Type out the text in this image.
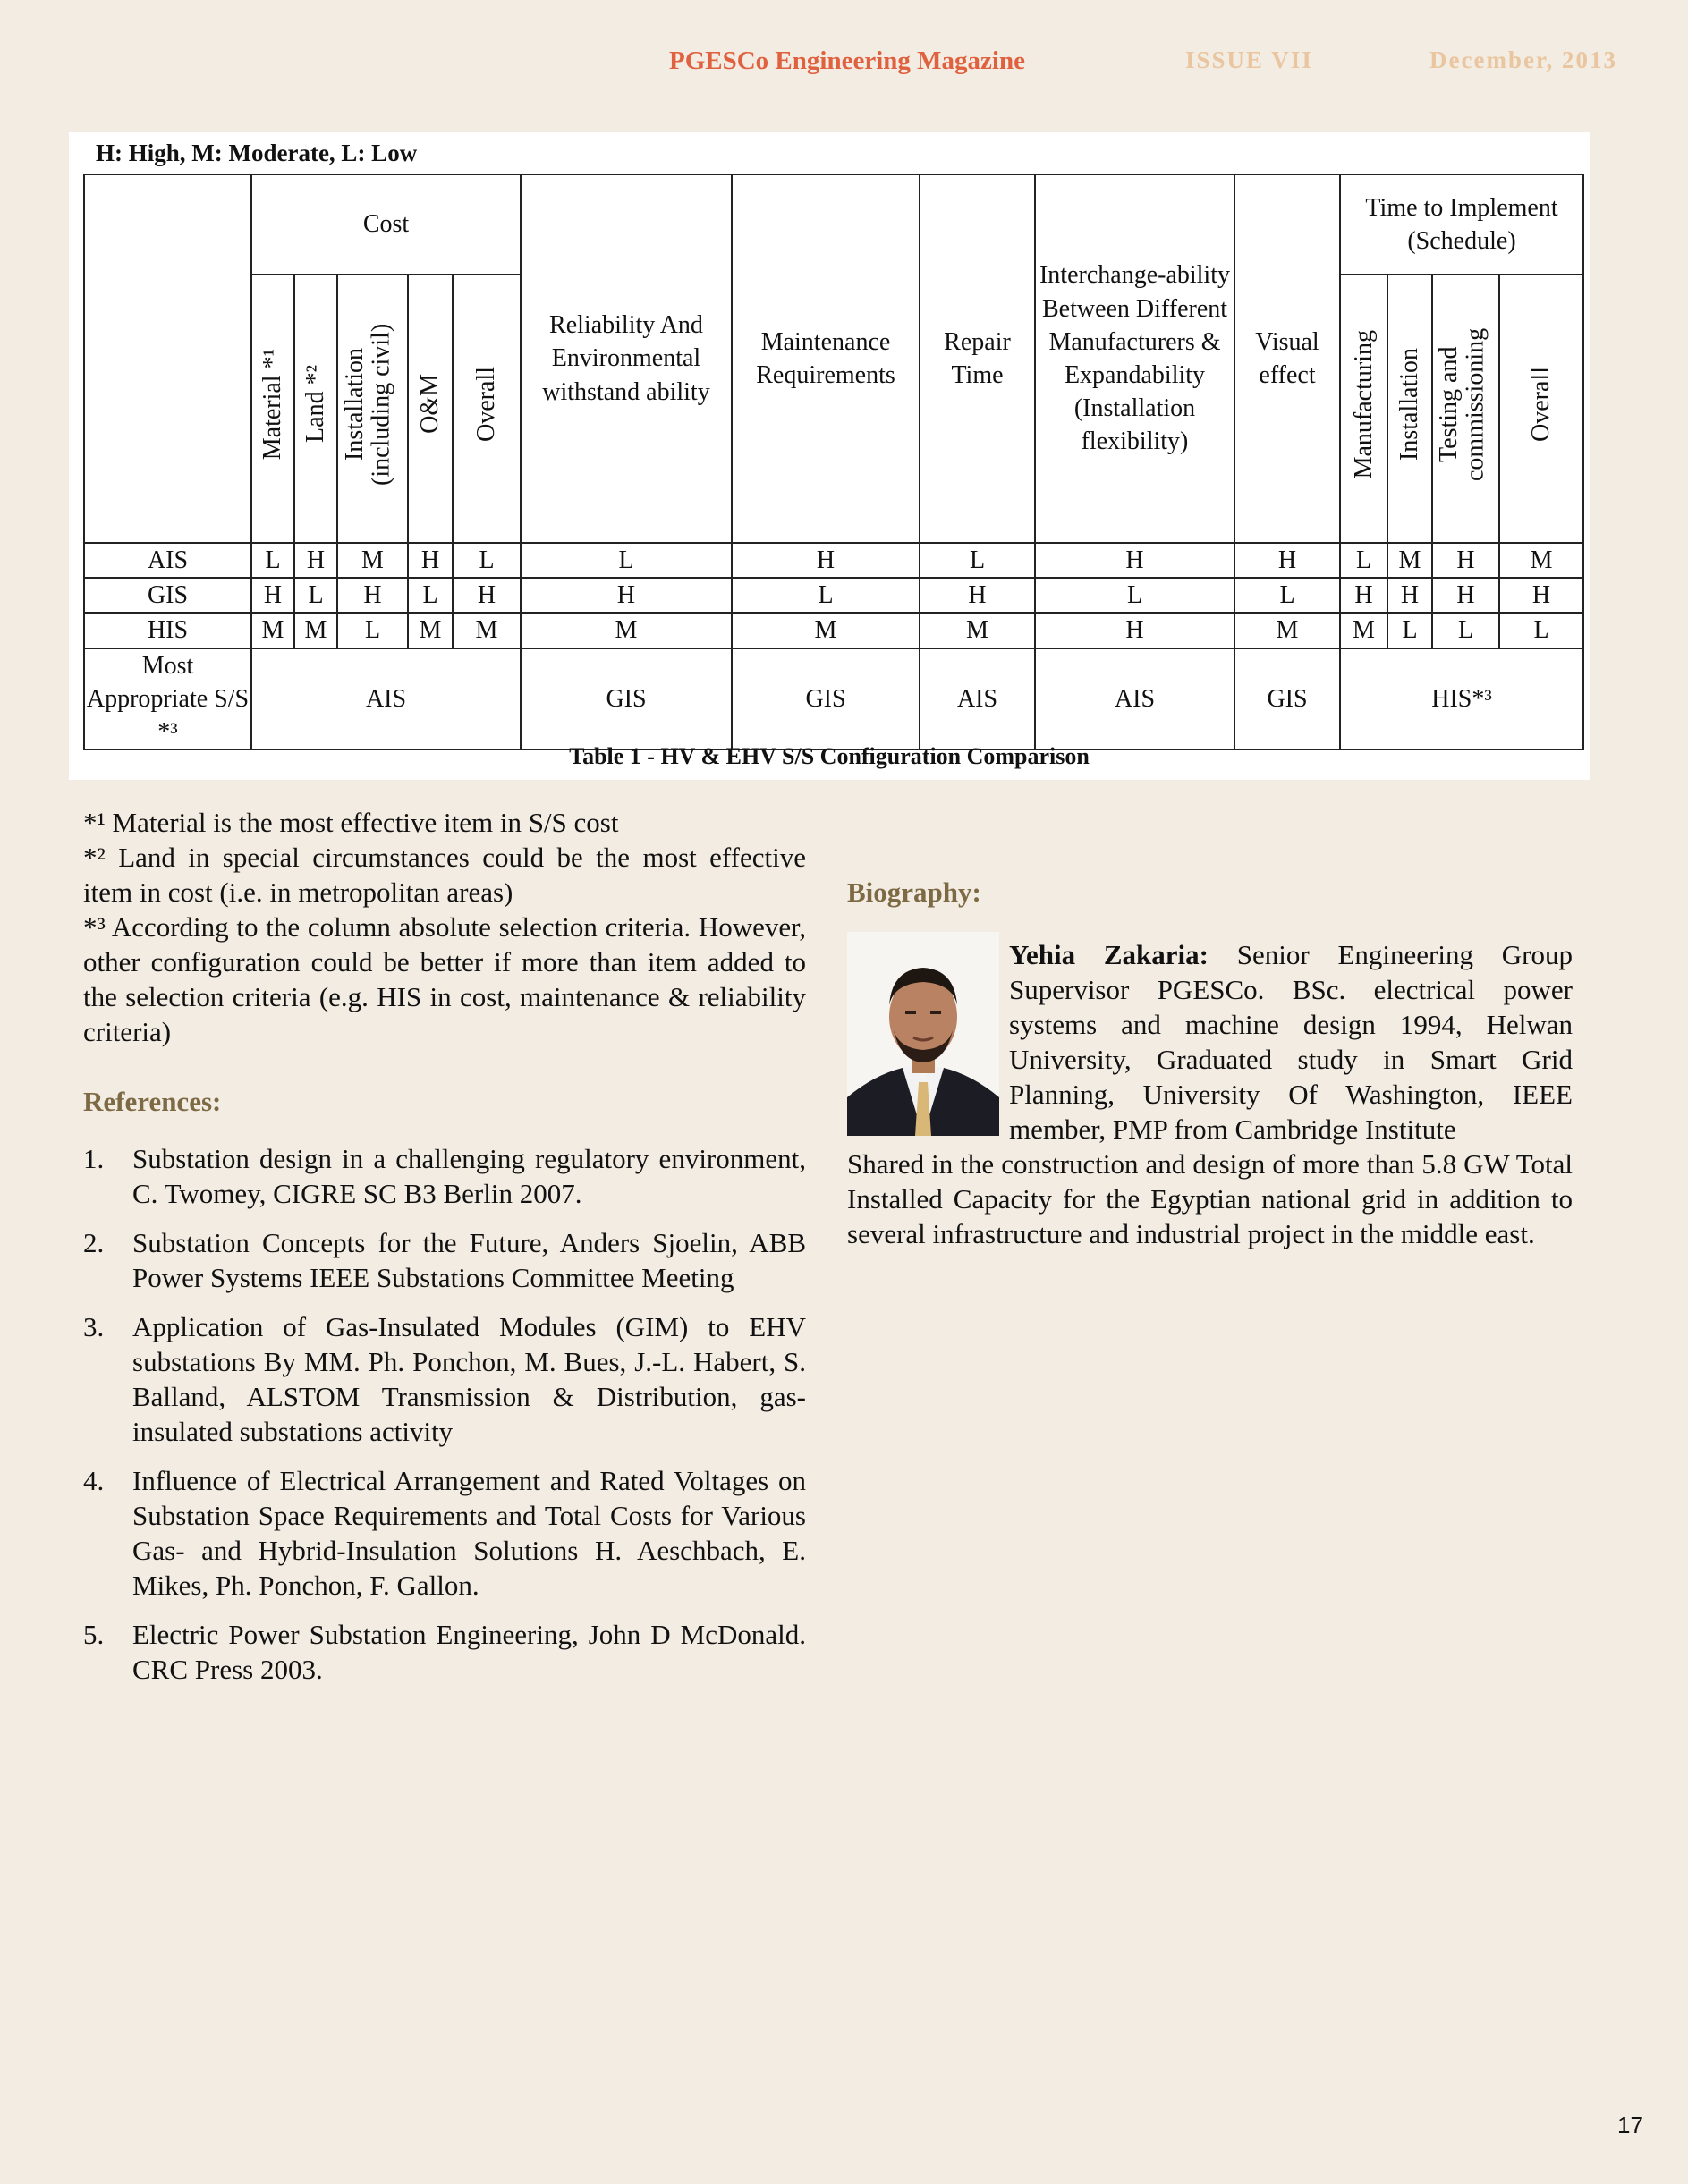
PGESCo Engineering Magazine	ISSUE VII	December, 2013
H: High, M: Moderate, L: Low
	Cost					Reliability And Environmental withstand ability	Maintenance Requirements	Repair Time	Interchange-ability Between Different Manufacturers & Expandability (Installation flexibility)	Visual effect	Time to Implement (Schedule)			
	Material *¹	Land *²	Installation (including civil)	O&M	Overall						Manufacturing	Installation	Testing and commissioning	Overall
AIS	L	H	M	H	L	L	H	L	H	H	L	M	H	M
GIS	H	L	H	L	H	H	L	H	L	L	H	H	H	H
HIS	M	M	L	M	M	M	M	M	H	M	M	L	L	L
Most Appropriate S/S *³	AIS					GIS	GIS	AIS	AIS	GIS	HIS*³			
Table 1 - HV & EHV S/S Configuration Comparison

*¹ Material is the most effective item in S/S cost

*² Land in special circumstances could be the most effective item in cost (i.e. in metropolitan areas)

*³ According to the column absolute selection criteria. However, other configuration could be better if more than item added to the selection criteria (e.g. HIS in cost, maintenance & reliability criteria)

References:
1. Substation design in a challenging regulatory environment, C. Twomey, CIGRE SC B3 Berlin 2007.
2. Substation Concepts for the Future, Anders Sjoelin, ABB Power Systems IEEE Substations Committee Meeting
3. Application of Gas-Insulated Modules (GIM) to EHV substations By MM. Ph. Ponchon, M. Bues, J.-L. Habert, S. Balland, ALSTOM Transmission & Distribution, gas-insulated substations activity
4. Influence of Electrical Arrangement and Rated Voltages on Substation Space Requirements and Total Costs for Various Gas- and Hybrid-Insulation Solutions H. Aeschbach, E. Mikes, Ph. Ponchon, F. Gallon.
5. Electric Power Substation Engineering, John D McDonald. CRC Press 2003.
Biography:
Yehia Zakaria: Senior Engineering Group Supervisor PGESCo. BSc. electrical power systems and machine design 1994, Helwan University, Graduated study in Smart Grid Planning, University Of Washington, IEEE member, PMP from Cambridge Institute
Shared in the construction and design of more than 5.8 GW Total Installed Capacity for the Egyptian national grid in addition to several infrastructure and industrial project in the middle east.
17
